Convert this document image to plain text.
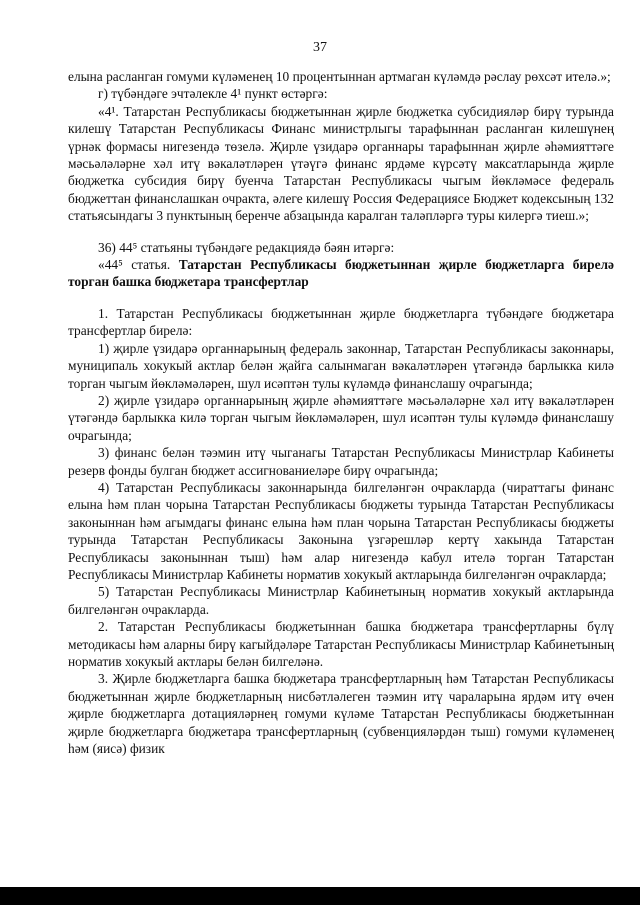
37

елына расланган гомуми күләменең 10 процентыннан артмаган күләмдә рәслау рөхсәт ителә.»;

г) түбәндәге эчтәлекле 4¹ пункт өстәргә:

«4¹. Татарстан Республикасы бюджетыннан җирле бюджетка субсидияләр бирү турында килешү Татарстан Республикасы Финанс министрлыгы тарафыннан расланган килешүнең үрнәк формасы нигезендә төзелә. Җирле үзидарә органнары тарафыннан җирле әһәмияттәге мәсьәләләрне хәл итү вәкаләтләрен үтәүгә финанс ярдәме күрсәтү максатларында җирле бюджетка субсидия бирү буенча Татарстан Республикасы чыгым йөкләмәсе федераль бюджеттан финанслашкан очракта, әлеге килешү Россия Федерациясе Бюджет кодексының 132 статьясындагы 3 пунктының беренче абзацында каралган таләпләргә туры килергә тиеш.»;

36) 44⁵ статьяны түбәндәге редакциядә бәян итәргә:

«44⁵ статья. Татарстан Республикасы бюджетыннан җирле бюджетларга бирелә торган башка бюджетара трансфертлар

1. Татарстан Республикасы бюджетыннан җирле бюджетларга түбәндәге бюджетара трансфертлар бирелә:

1) җирле үзидарә органнарының федераль законнар, Татарстан Республикасы законнары, муниципаль хокукый актлар белән җайга салынмаган вәкаләтләрен үтәгәндә барлыкка килә торган чыгым йөкләмәләрен, шул исәптән тулы күләмдә финанслашу очрагында;

2) җирле үзидарә органнарының җирле әһәмияттәге мәсьәләләрне хәл итү вәкаләтләрен үтәгәндә барлыкка килә торган чыгым йөкләмәләрен, шул исәптән тулы күләмдә финанслашу очрагында;

3) финанс белән тәэмин итү чыганагы Татарстан Республикасы Министрлар Кабинеты резерв фонды булган бюджет ассигнованиеләре бирү очрагында;

4) Татарстан Республикасы законнарында билгеләнгән очракларда (чираттагы финанс елына һәм план чорына Татарстан Республикасы бюджеты турында Татарстан Республикасы законыннан һәм агымдагы финанс елына һәм план чорына Татарстан Республикасы бюджеты турында Татарстан Республикасы Законына үзгәрешләр кертү хакында Татарстан Республикасы законыннан тыш) һәм алар нигезендә кабул ителә торган Татарстан Республикасы Министрлар Кабинеты норматив хокукый актларында билгеләнгән очракларда;

5) Татарстан Республикасы Министрлар Кабинетының норматив хокукый актларында билгеләнгән очракларда.

2. Татарстан Республикасы бюджетыннан башка бюджетара трансфертларны бүлү методикасы һәм аларны бирү кагыйдәләре Татарстан Республикасы Министрлар Кабинетының норматив хокукый актлары белән билгеләнә.

3. Җирле бюджетларга башка бюджетара трансфертларның һәм Татарстан Республикасы бюджетыннан җирле бюджетларның нисбәтләлеген тәэмин итү чараларына ярдәм итү өчен җирле бюджетларга дотацияләрнең гомуми күләме Татарстан Республикасы бюджетыннан җирле бюджетларга бюджетара трансфертларның (субвенцияләрдән тыш) гомуми күләменең һәм (яисә) физик
